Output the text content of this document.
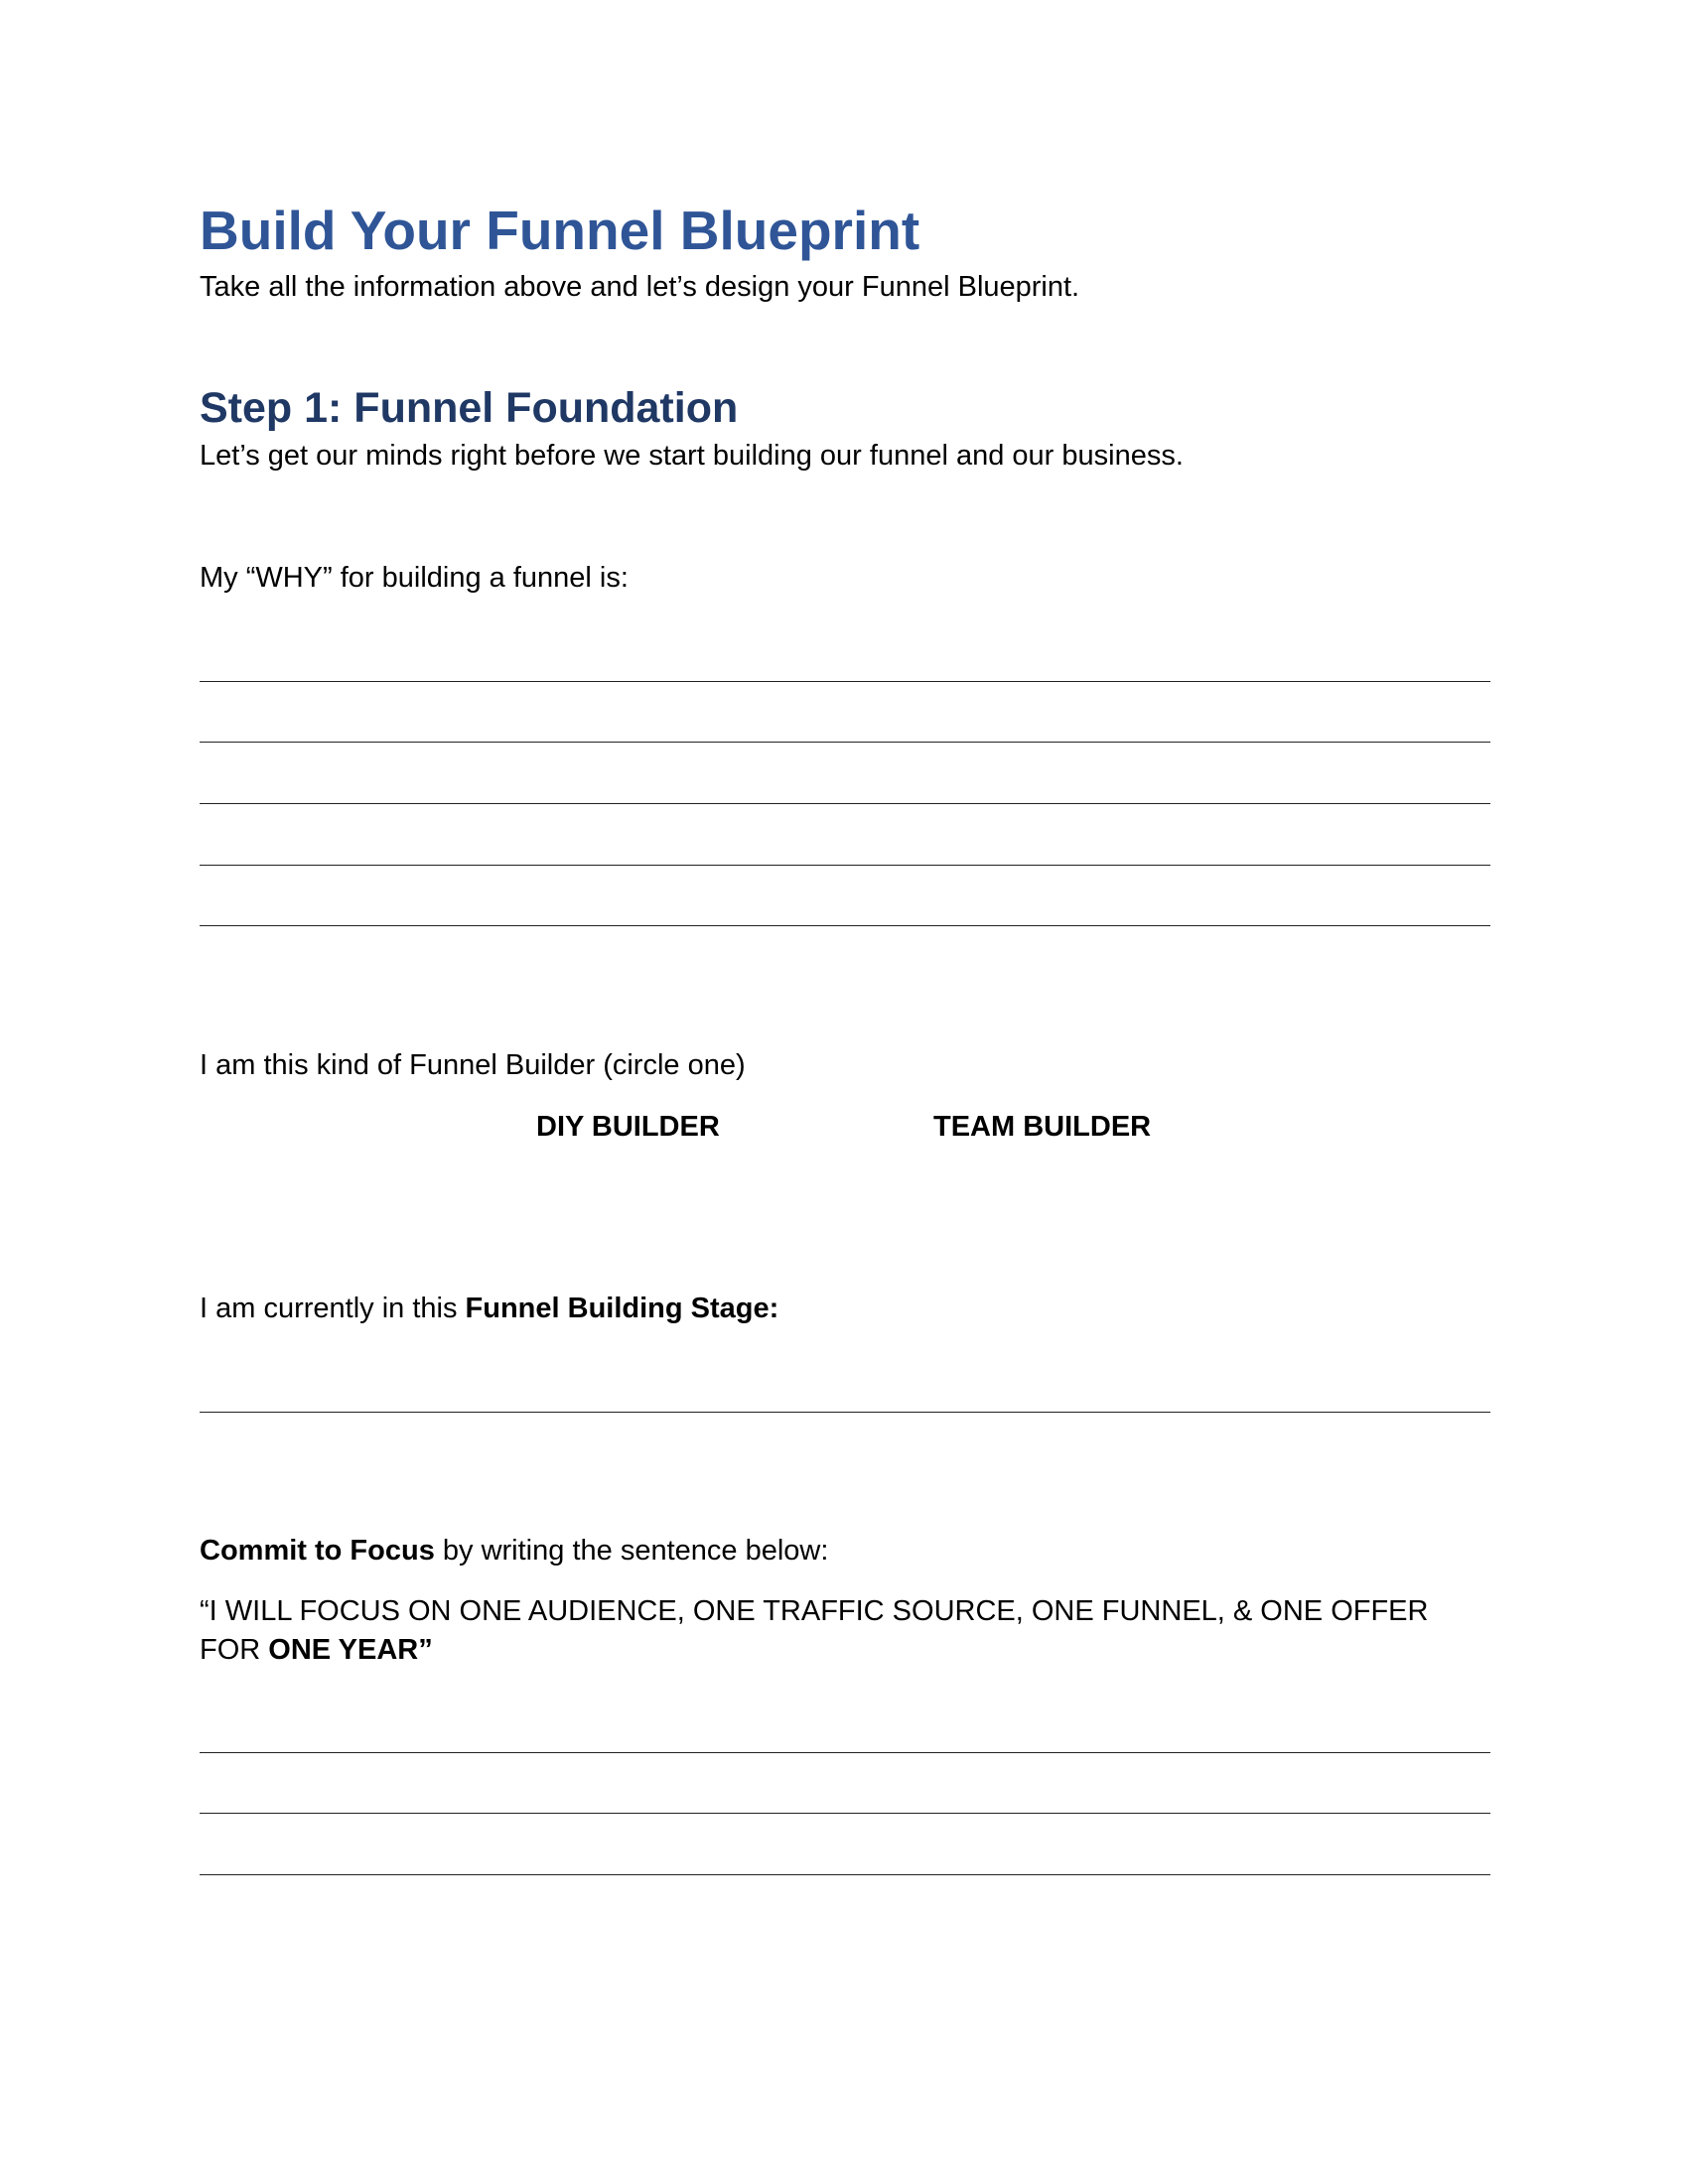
Build Your Funnel Blueprint
Take all the information above and let’s design your Funnel Blueprint.
Step 1: Funnel Foundation
Let’s get our minds right before we start building our funnel and our business.
My “WHY” for building a funnel is:
I am this kind of Funnel Builder (circle one)
DIY BUILDER	TEAM BUILDER
I am currently in this Funnel Building Stage:
Commit to Focus by writing the sentence below:
“I WILL FOCUS ON ONE AUDIENCE, ONE TRAFFIC SOURCE, ONE FUNNEL, & ONE OFFER
FOR ONE YEAR”
